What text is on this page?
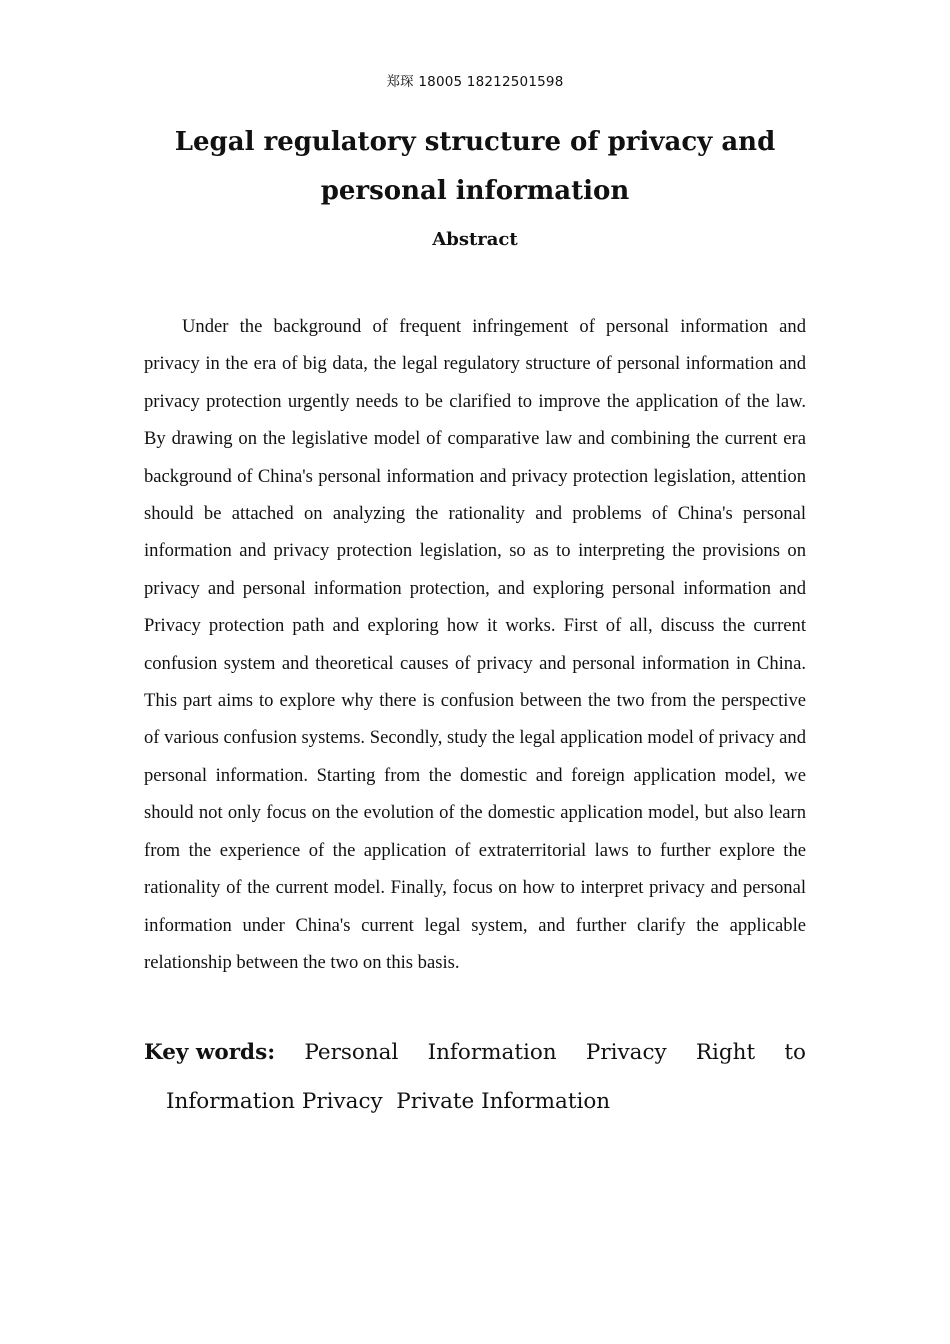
郑琛 18005 18212501598
Legal regulatory structure of privacy and personal information
Abstract
Under the background of frequent infringement of personal information and privacy in the era of big data, the legal regulatory structure of personal information and privacy protection urgently needs to be clarified to improve the application of the law. By drawing on the legislative model of comparative law and combining the current era background of China's personal information and privacy protection legislation, attention should be attached on analyzing the rationality and problems of China's personal information and privacy protection legislation, so as to interpreting the provisions on privacy and personal information protection, and exploring personal information and Privacy protection path and exploring how it works. First of all, discuss the current confusion system and theoretical causes of privacy and personal information in China. This part aims to explore why there is confusion between the two from the perspective of various confusion systems. Secondly, study the legal application model of privacy and personal information. Starting from the domestic and foreign application model, we should not only focus on the evolution of the domestic application model, but also learn from the experience of the application of extraterritorial laws to further explore the rationality of the current model. Finally, focus on how to interpret privacy and personal information under China's current legal system, and further clarify the applicable relationship between the two on this basis.
Key words: Personal Information Privacy Right to
Information Privacy  Private Information
